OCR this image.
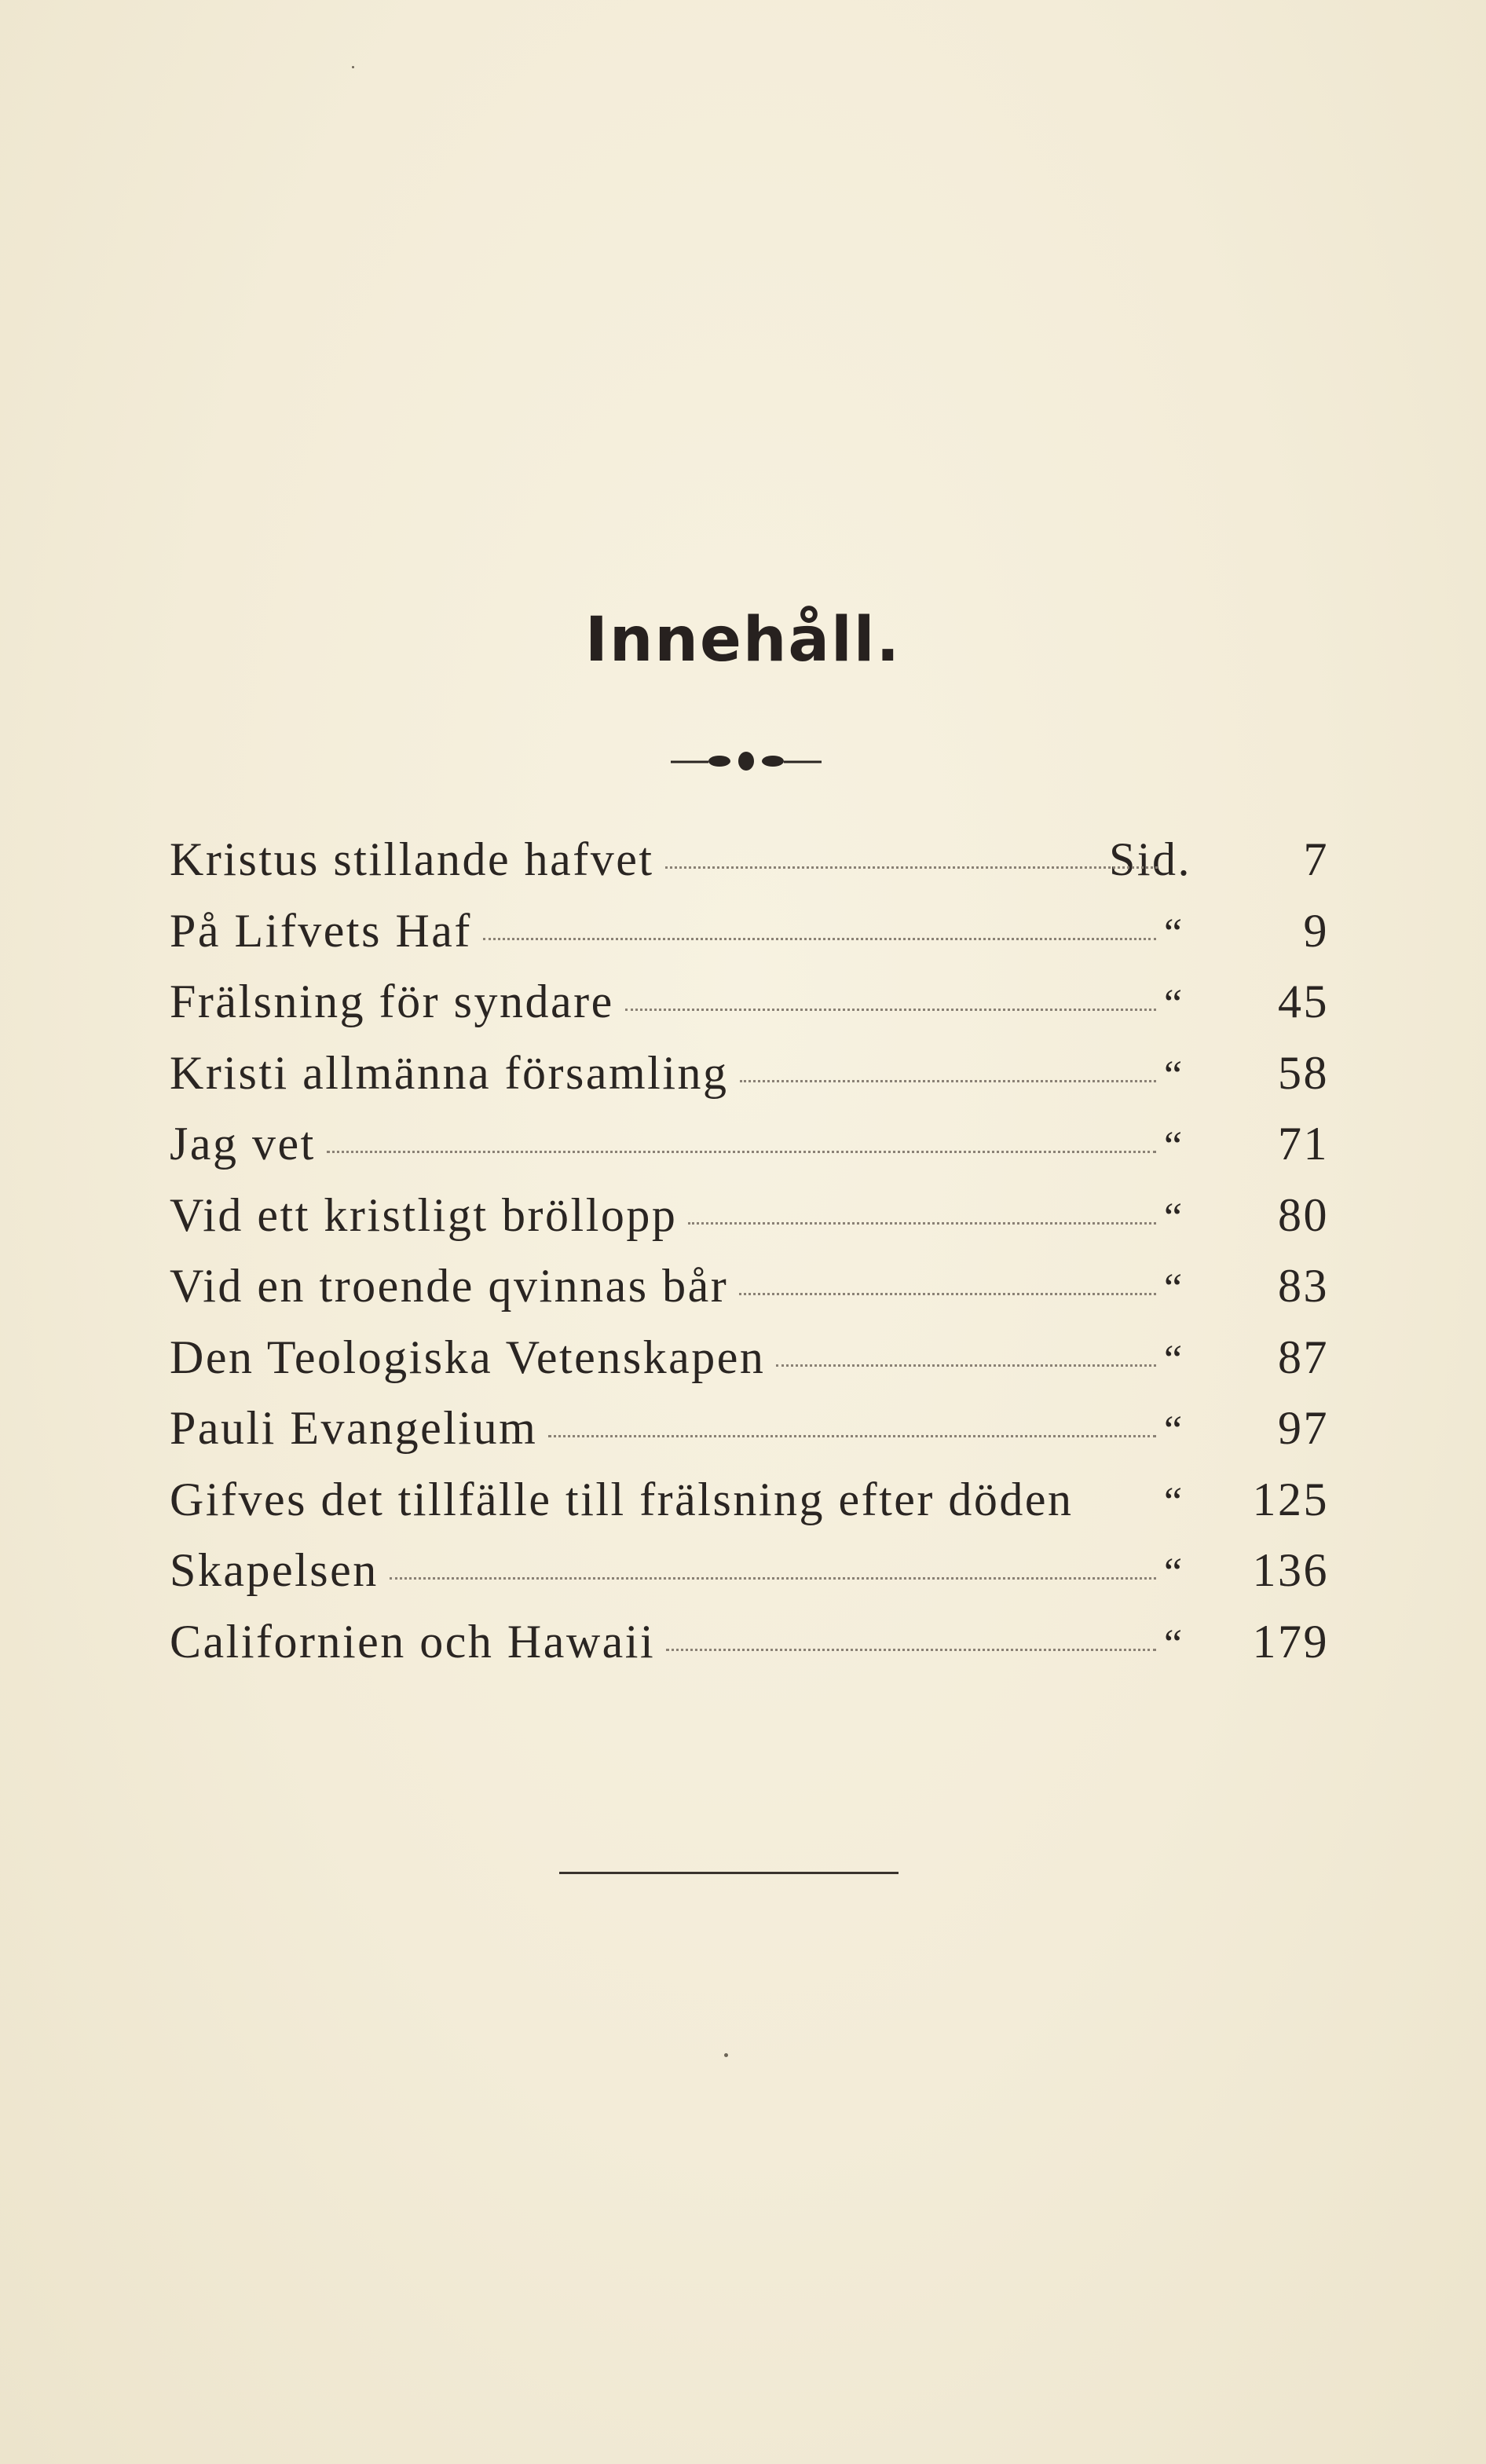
Innehåll.
Kristus stillande hafvet	Sid.	7
På Lifvets Haf	“	9
Frälsning för syndare	“	45
Kristi allmänna församling	“	58
Jag vet	“	71
Vid ett kristligt bröllopp	“	80
Vid en troende qvinnas bår	“	83
Den Teologiska Vetenskapen	“	87
Pauli Evangelium	“	97
Gifves det tillfälle till frälsning efter döden “	125
Skapelsen	“	136
Californien och Hawaii	“	179
